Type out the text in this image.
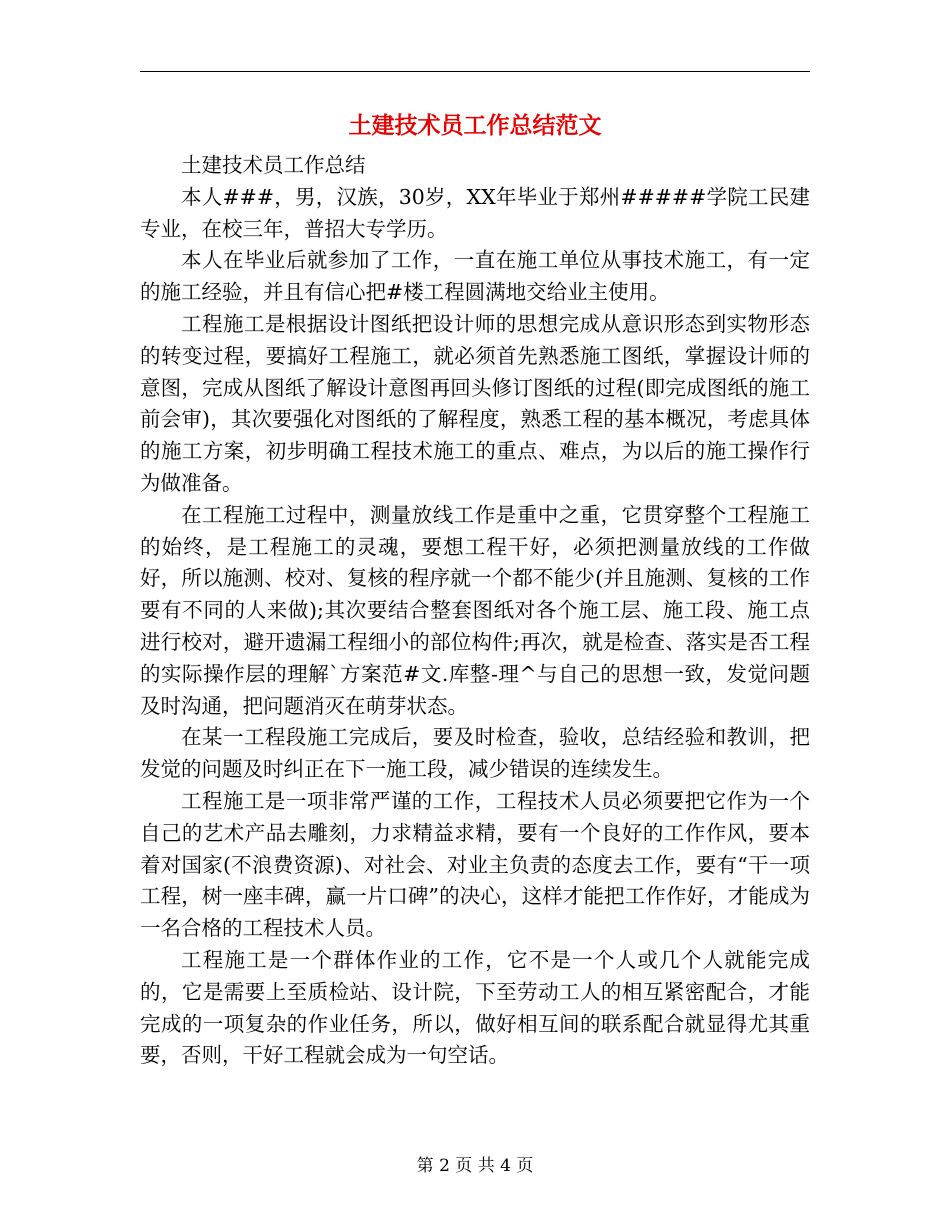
土建技术员工作总结范文

土建技术员工作总结

本人###，男，汉族，30岁，XX年毕业于郑州#####学院工民建专业，在校三年，普招大专学历。

本人在毕业后就参加了工作，一直在施工单位从事技术施工，有一定的施工经验，并且有信心把#楼工程圆满地交给业主使用。

工程施工是根据设计图纸把设计师的思想完成从意识形态到实物形态的转变过程，要搞好工程施工，就必须首先熟悉施工图纸，掌握设计师的意图，完成从图纸了解设计意图再回头修订图纸的过程(即完成图纸的施工前会审)，其次要强化对图纸的了解程度，熟悉工程的基本概况，考虑具体的施工方案，初步明确工程技术施工的重点、难点，为以后的施工操作行为做准备。

在工程施工过程中，测量放线工作是重中之重，它贯穿整个工程施工的始终，是工程施工的灵魂，要想工程干好，必须把测量放线的工作做好，所以施测、校对、复核的程序就一个都不能少(并且施测、复核的工作要有不同的人来做);其次要结合整套图纸对各个施工层、施工段、施工点进行校对，避开遗漏工程细小的部位构件;再次，就是检查、落实是否工程的实际操作层的理解`方案范#文.库整-理^与自己的思想一致，发觉问题及时沟通，把问题消灭在萌芽状态。

在某一工程段施工完成后，要及时检查，验收，总结经验和教训，把发觉的问题及时纠正在下一施工段，减少错误的连续发生。

工程施工是一项非常严谨的工作，工程技术人员必须要把它作为一个自己的艺术产品去雕刻，力求精益求精，要有一个良好的工作作风，要本着对国家(不浪费资源)、对社会、对业主负责的态度去工作，要有“干一项工程，树一座丰碑，赢一片口碑”的决心，这样才能把工作作好，才能成为一名合格的工程技术人员。

工程施工是一个群体作业的工作，它不是一个人或几个人就能完成的，它是需要上至质检站、设计院，下至劳动工人的相互紧密配合，才能完成的一项复杂的作业任务，所以，做好相互间的联系配合就显得尤其重要，否则，干好工程就会成为一句空话。

第 2 页 共 4 页
